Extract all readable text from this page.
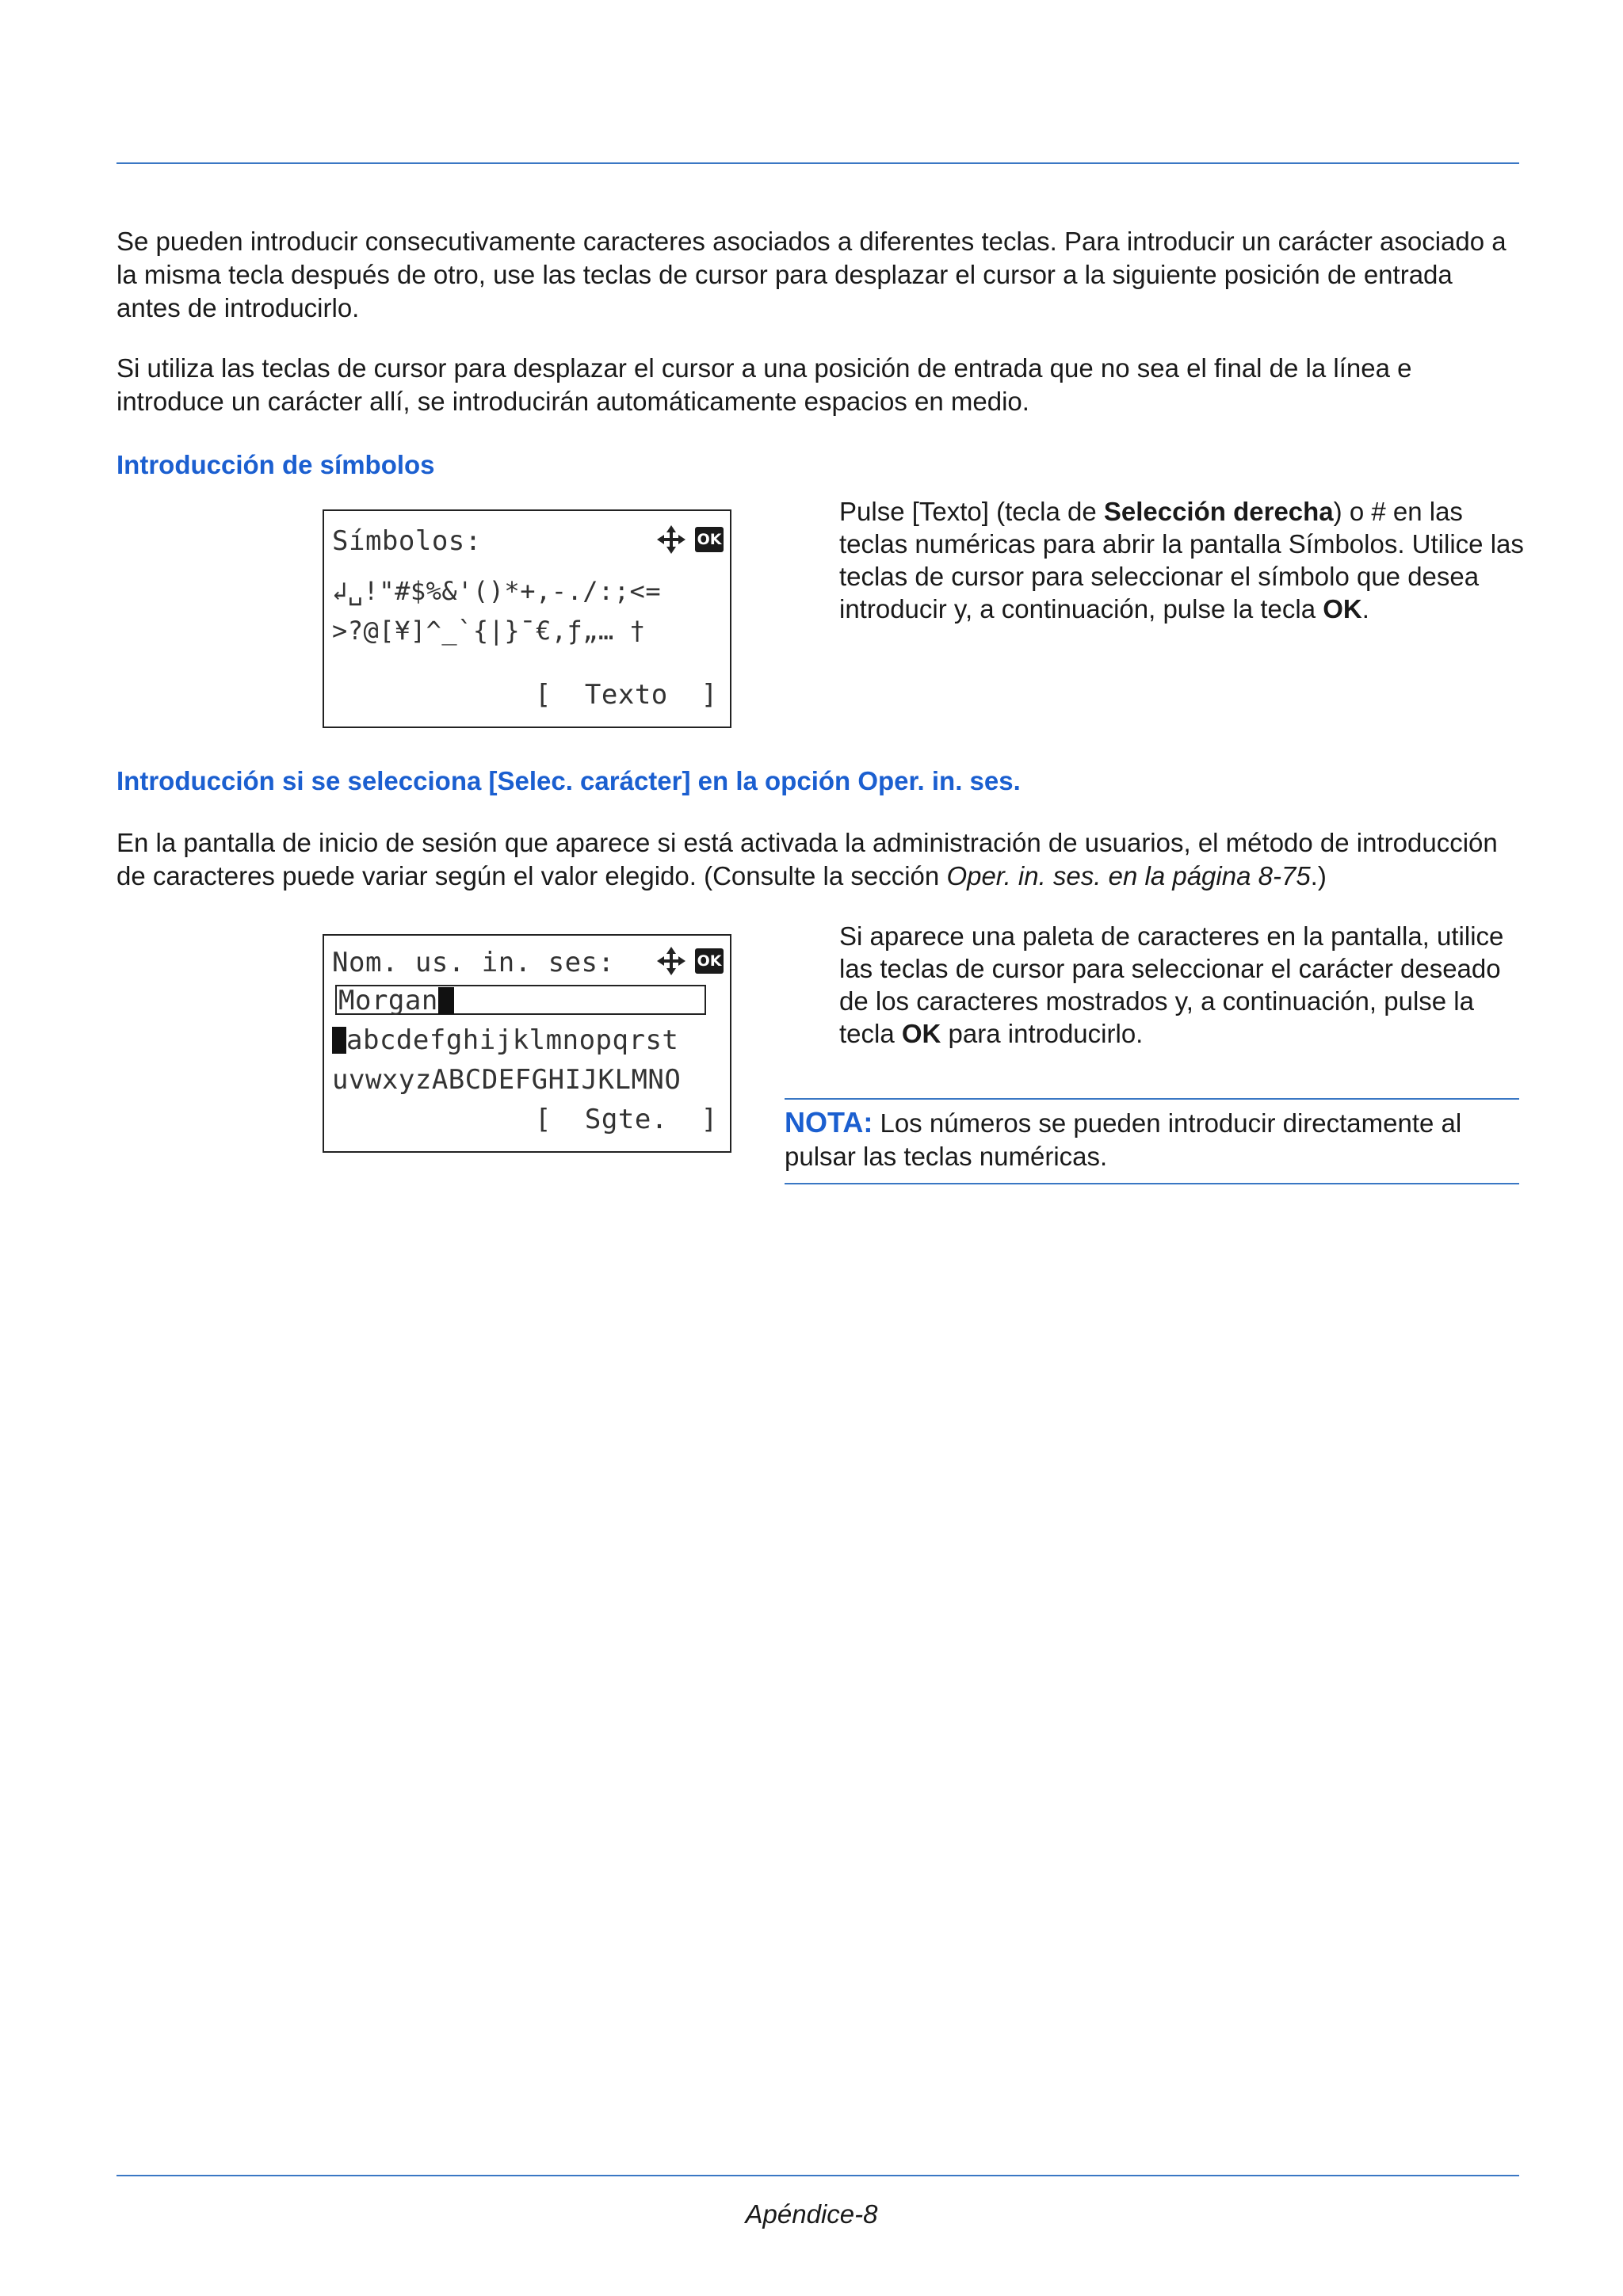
Se pueden introducir consecutivamente caracteres asociados a diferentes teclas. Para introducir un carácter asociado a la misma tecla después de otro, use las teclas de cursor para desplazar el cursor a la siguiente posición de entrada antes de introducirlo.

Si utiliza las teclas de cursor para desplazar el cursor a una posición de entrada que no sea el final de la línea e introduce un carácter allí, se introducirán automáticamente espacios en medio.

Introducción de símbolos
Símbolos:	OK
↲␣!"#$%&'()*+,-./:;<=
>?@[¥]^_`{|}¯€,ƒ„… †
[  Texto  ]

Pulse [Texto] (tecla de Selección derecha) o # en las teclas numéricas para abrir la pantalla Símbolos. Utilice las teclas de cursor para seleccionar el símbolo que desea introducir y, a continuación, pulse la tecla OK.

Introducción si se selecciona [Selec. carácter] en la opción Oper. in. ses.

En la pantalla de inicio de sesión que aparece si está activada la administración de usuarios, el método de introducción de caracteres puede variar según el valor elegido. (Consulte la sección Oper. in. ses. en la página 8-75.)

Nom. us. in. ses:	OK
Morgan
abcdefghijklmnopqrst
uvwxyzABCDEFGHIJKLMNO
[  Sgte.  ]

Si aparece una paleta de caracteres en la pantalla, utilice las teclas de cursor para seleccionar el carácter deseado de los caracteres mostrados y, a continuación, pulse la tecla OK para introducirlo.

NOTA: Los números se pueden introducir directamente al pulsar las teclas numéricas.
Apéndice-8
